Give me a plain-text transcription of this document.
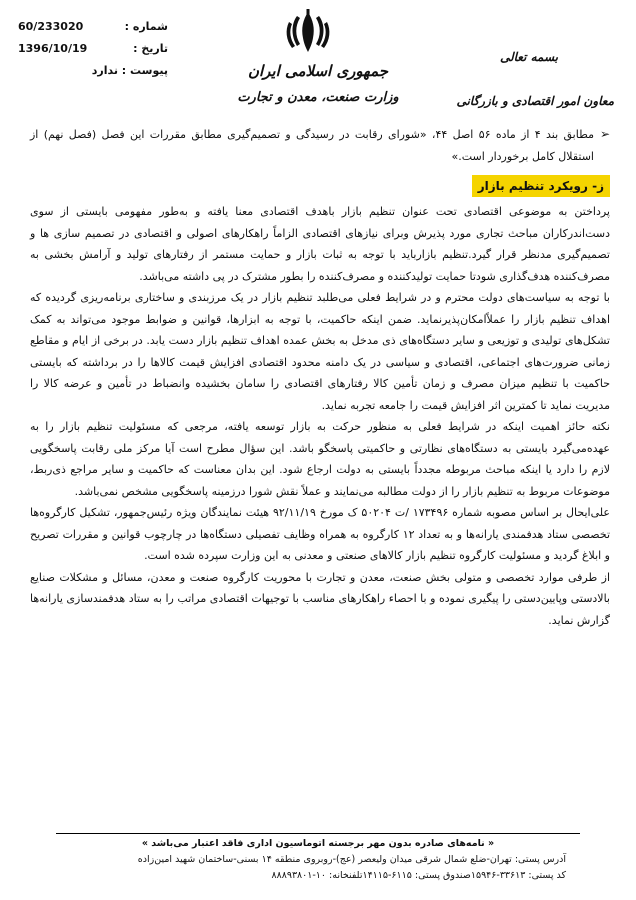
جمهوری اسلامی ایران
وزارت صنعت، معدن و تجارت
بسمه تعالی
معاون امور اقتصادی و بازرگانی
60/233020	شماره :
1396/10/19	تاریخ :
پیوست : ندارد
➢
مطابق بند ۴ از ماده ۵۶ اصل ۴۴، «شورای رقابت در رسیدگی و تصمیم‌گیری مطابق مقررات این فصل (فصل نهم) از استقلال کامل برخوردار است.»
ز- رویکرد تنظیم بازار

پرداختن به موضوعی اقتصادی تحت عنوان تنظیم بازار باهدف اقتصادی معنا یافته و به‌طور مفهومی بایستی از سوی دست‌اندرکاران مباحث تجاری مورد پذیرش وبرای نیازهای اقتصادی الزاماً راهکارهای اصولی و اقتصادی در تصمیم سازی ها و تصمیم‌گیری مدنظر قرار گیرد.تنظیم بازارباید با توجه به ثبات بازار و حمایت مستمر از رفتارهای تولید و آرامش بخشی به مصرف‌کننده هدف‌گذاری شودتا حمایت تولیدکننده و مصرف‌کننده را بطور مشترک در پی داشته می‌باشد.

با توجه به سیاست‌های دولت محترم و در شرایط فعلی می‌طلبد تنظیم بازار در یک مرزبندی و ساختاری برنامه‌ریزی گردیده که اهداف تنظیم بازار را عملاًامکان‌پذیرنماید. ضمن اینکه حاکمیت، با توجه به ابزارها، قوانین و ضوابط موجود می‌تواند به کمک تشکل‌های تولیدی و توزیعی و سایر دستگاه‌های ذی مدخل به بخش عمده اهداف تنظیم بازار دست یابد. در برخی از ایام و مقاطع زمانی ضرورت‌های اجتماعی، اقتصادی و سیاسی در یک دامنه محدود اقتصادی افزایش قیمت کالاها را در برداشته که بایستی حاکمیت با تنظیم میزان مصرف و زمان تأمین کالا رفتارهای اقتصادی را سامان بخشیده وانضباط در تأمین و عرضه کالا را مدیریت نماید تا کمترین اثر افزایش قیمت را جامعه تجربه نماید.

نکته حائز اهمیت اینکه در شرایط فعلی به منظور حرکت به بازار توسعه یافته، مرجعی که مسئولیت تنظیم بازار را به عهده‌می‌گیرد بایستی به دستگاه‌های نظارتی و حاکمیتی پاسخگو باشد. این سؤال مطرح است آیا مرکز ملی رقابت پاسخگویی لازم را دارد یا اینکه مباحث مربوطه مجدداً بایستی به دولت ارجاع شود. این بدان معناست که حاکمیت و سایر مراجع ذی‌ربط، موضوعات مربوط به تنظیم بازار را از دولت مطالبه می‌نمایند و عملاً نقش شورا درزمینه پاسخگویی مشخص نمی‌باشد.

علی‌ایحال بر اساس مصوبه شماره ۱۷۳۴۹۶ /ت ۵۰۲۰۴ ک‌ مورخ ۹۲/۱۱/۱۹ هیئت نمایندگان ویژه رئیس‌جمهور، تشکیل کارگروه‌ها تخصصی ستاد هدفمندی یارانه‌ها و به تعداد ۱۲ کارگروه به همراه وظایف تفصیلی دستگاه‌ها در چارچوب قوانین و مقررات تصریح و ابلاغ گردید و مسئولیت کارگروه تنظیم بازار کالاهای صنعتی و معدنی به این وزارت سپرده شده است.

از طرفی موارد تخصصی و متولی بخش صنعت، معدن و تجارت با محوریت کارگروه صنعت و معدن، مسائل و مشکلات صنایع بالادستی وپایین‌دستی را پیگیری نموده و با احصاء راهکارهای مناسب با توجیهات اقتصادی مراتب را به ستاد هدفمندسازی یارانه‌ها گزارش نماید.

« نامه‌های صادره بدون مهر برجسته اتوماسیون اداری فاقد اعتبار می‌باشد »
آدرس پستی: تهران-ضلع شمال شرقی میدان ولیعصر (عج)-روبروی منطقه ۱۴ بسنی-ساختمان شهید امین‌زاده
کد پستی: ۳۳۶۱۳-۱۵۹۴۶صندوق پستی: ۶۱۱۵-۱۴۱۱۵تلفنخانه: ۱۰-۸۸۸۹۳۸۰۱
